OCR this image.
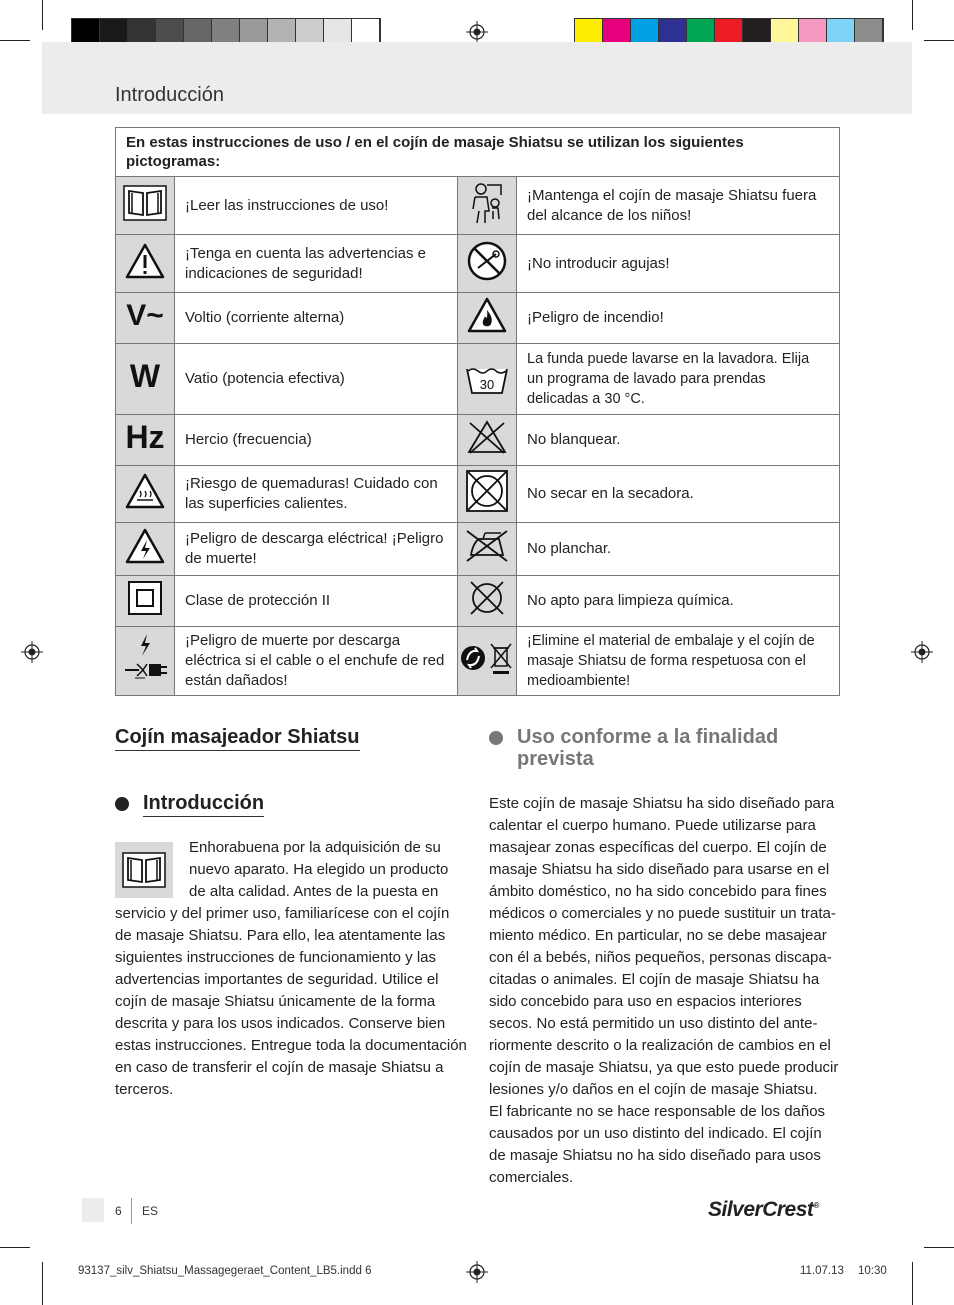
Introducción
En estas instrucciones de uso / en el cojín de masaje Shiatsu se utilizan los siguientes pictogramas:			
	¡Leer las instrucciones de uso!		¡Mantenga el cojín de masaje Shiatsu fuera del alcance de los niños!
	¡Tenga en cuenta las advertencias e indicaciones de seguridad!		¡No introducir agujas!
V~	Voltio (corriente alterna)		¡Peligro de incendio!
W	Vatio (potencia efectiva)	30	La funda puede lavarse en la lavadora. Elija un programa de lavado para prendas delicadas a 30 °C.
Hz	Hercio (frecuencia)		No blanquear.
	¡Riesgo de quemaduras! Cuidado con las superficies calientes.		No secar en la secadora.
	¡Peligro de descarga eléctrica! ¡Peligro de muerte!		No planchar.
	Clase de protección II		No apto para limpieza química.
	¡Peligro de muerte por descarga eléctrica si el cable o el enchufe de red están dañados!		¡Elimine el material de embalaje y el cojín de masaje Shiatsu de forma respetuosa con el medioambiente!
Cojín masajeador Shiatsu
Introducción
Enhorabuena por la adquisición de su
nuevo aparato. Ha elegido un producto
de alta calidad. Antes de la puesta en
servicio y del primer uso, familiarícese con el cojín
de masaje Shiatsu. Para ello, lea atentamente las
siguientes instrucciones de funcionamiento y las
advertencias importantes de seguridad. Utilice el
cojín de masaje Shiatsu únicamente de la forma
descrita y para los usos indicados. Conserve bien
estas instrucciones. Entregue toda la documentación
en caso de transferir el cojín de masaje Shiatsu a
terceros.
Uso conforme a la finalidad
prevista
Este cojín de masaje Shiatsu ha sido diseñado para
calentar el cuerpo humano. Puede utilizarse para
masajear zonas específicas del cuerpo. El cojín de
masaje Shiatsu ha sido diseñado para usarse en el
ámbito doméstico, no ha sido concebido para fines
médicos o comerciales y no puede sustituir un trata-
miento médico. En particular, no se debe masajear
con él a bebés, niños pequeños, personas discapa-
citadas o animales. El cojín de masaje Shiatsu ha
sido concebido para uso en espacios interiores
secos. No está permitido un uso distinto del ante-
riormente descrito o la realización de cambios en el
cojín de masaje Shiatsu, ya que esto puede producir
lesiones y/o daños en el cojín de masaje Shiatsu.
El fabricante no se hace responsable de los daños
causados por un uso distinto del indicado. El cojín
de masaje Shiatsu no ha sido diseñado para usos
comerciales.
6 ES	SilverCrest®
93137_silv_Shiatsu_Massagegeraet_Content_LB5.indd 6	11.07.13 10:30
